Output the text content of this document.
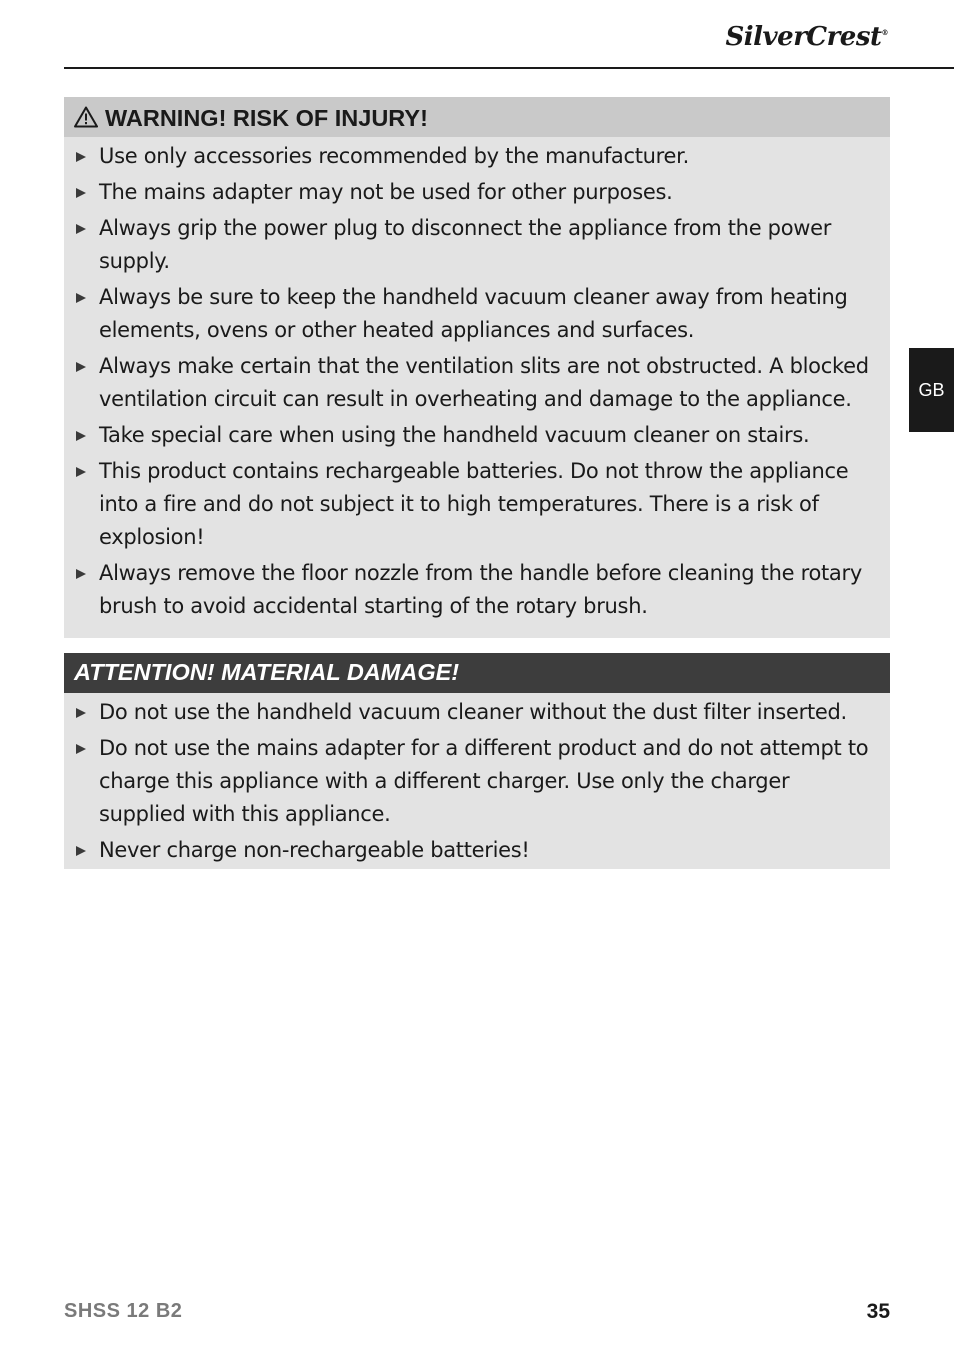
SilverCrest®
WARNING! RISK OF INJURY!
Use only accessories recommended by the manufacturer.
The mains adapter may not be used for other purposes.
Always grip the power plug to disconnect the appliance from the power supply.
Always be sure to keep the handheld vacuum cleaner away from heating elements, ovens or other heated appliances and surfaces.
Always make certain that the ventilation slits are not obstructed. A blocked ventilation circuit can result in overheating and damage to the appliance.
Take special care when using the handheld vacuum cleaner on stairs.
This product contains rechargeable batteries. Do not throw the appliance into a fire and do not subject it to high temperatures. There is a risk of explosion!
Always remove the floor nozzle from the handle before cleaning the rotary brush to avoid accidental starting of the rotary brush.
ATTENTION! MATERIAL DAMAGE!
Do not use the handheld vacuum cleaner without the dust filter inserted.
Do not use the mains adapter for a different product and do not attempt to charge this appliance with a different charger. Use only the charger supplied with this appliance.
Never charge non-rechargeable batteries!
GB
SHSS 12 B2	35
